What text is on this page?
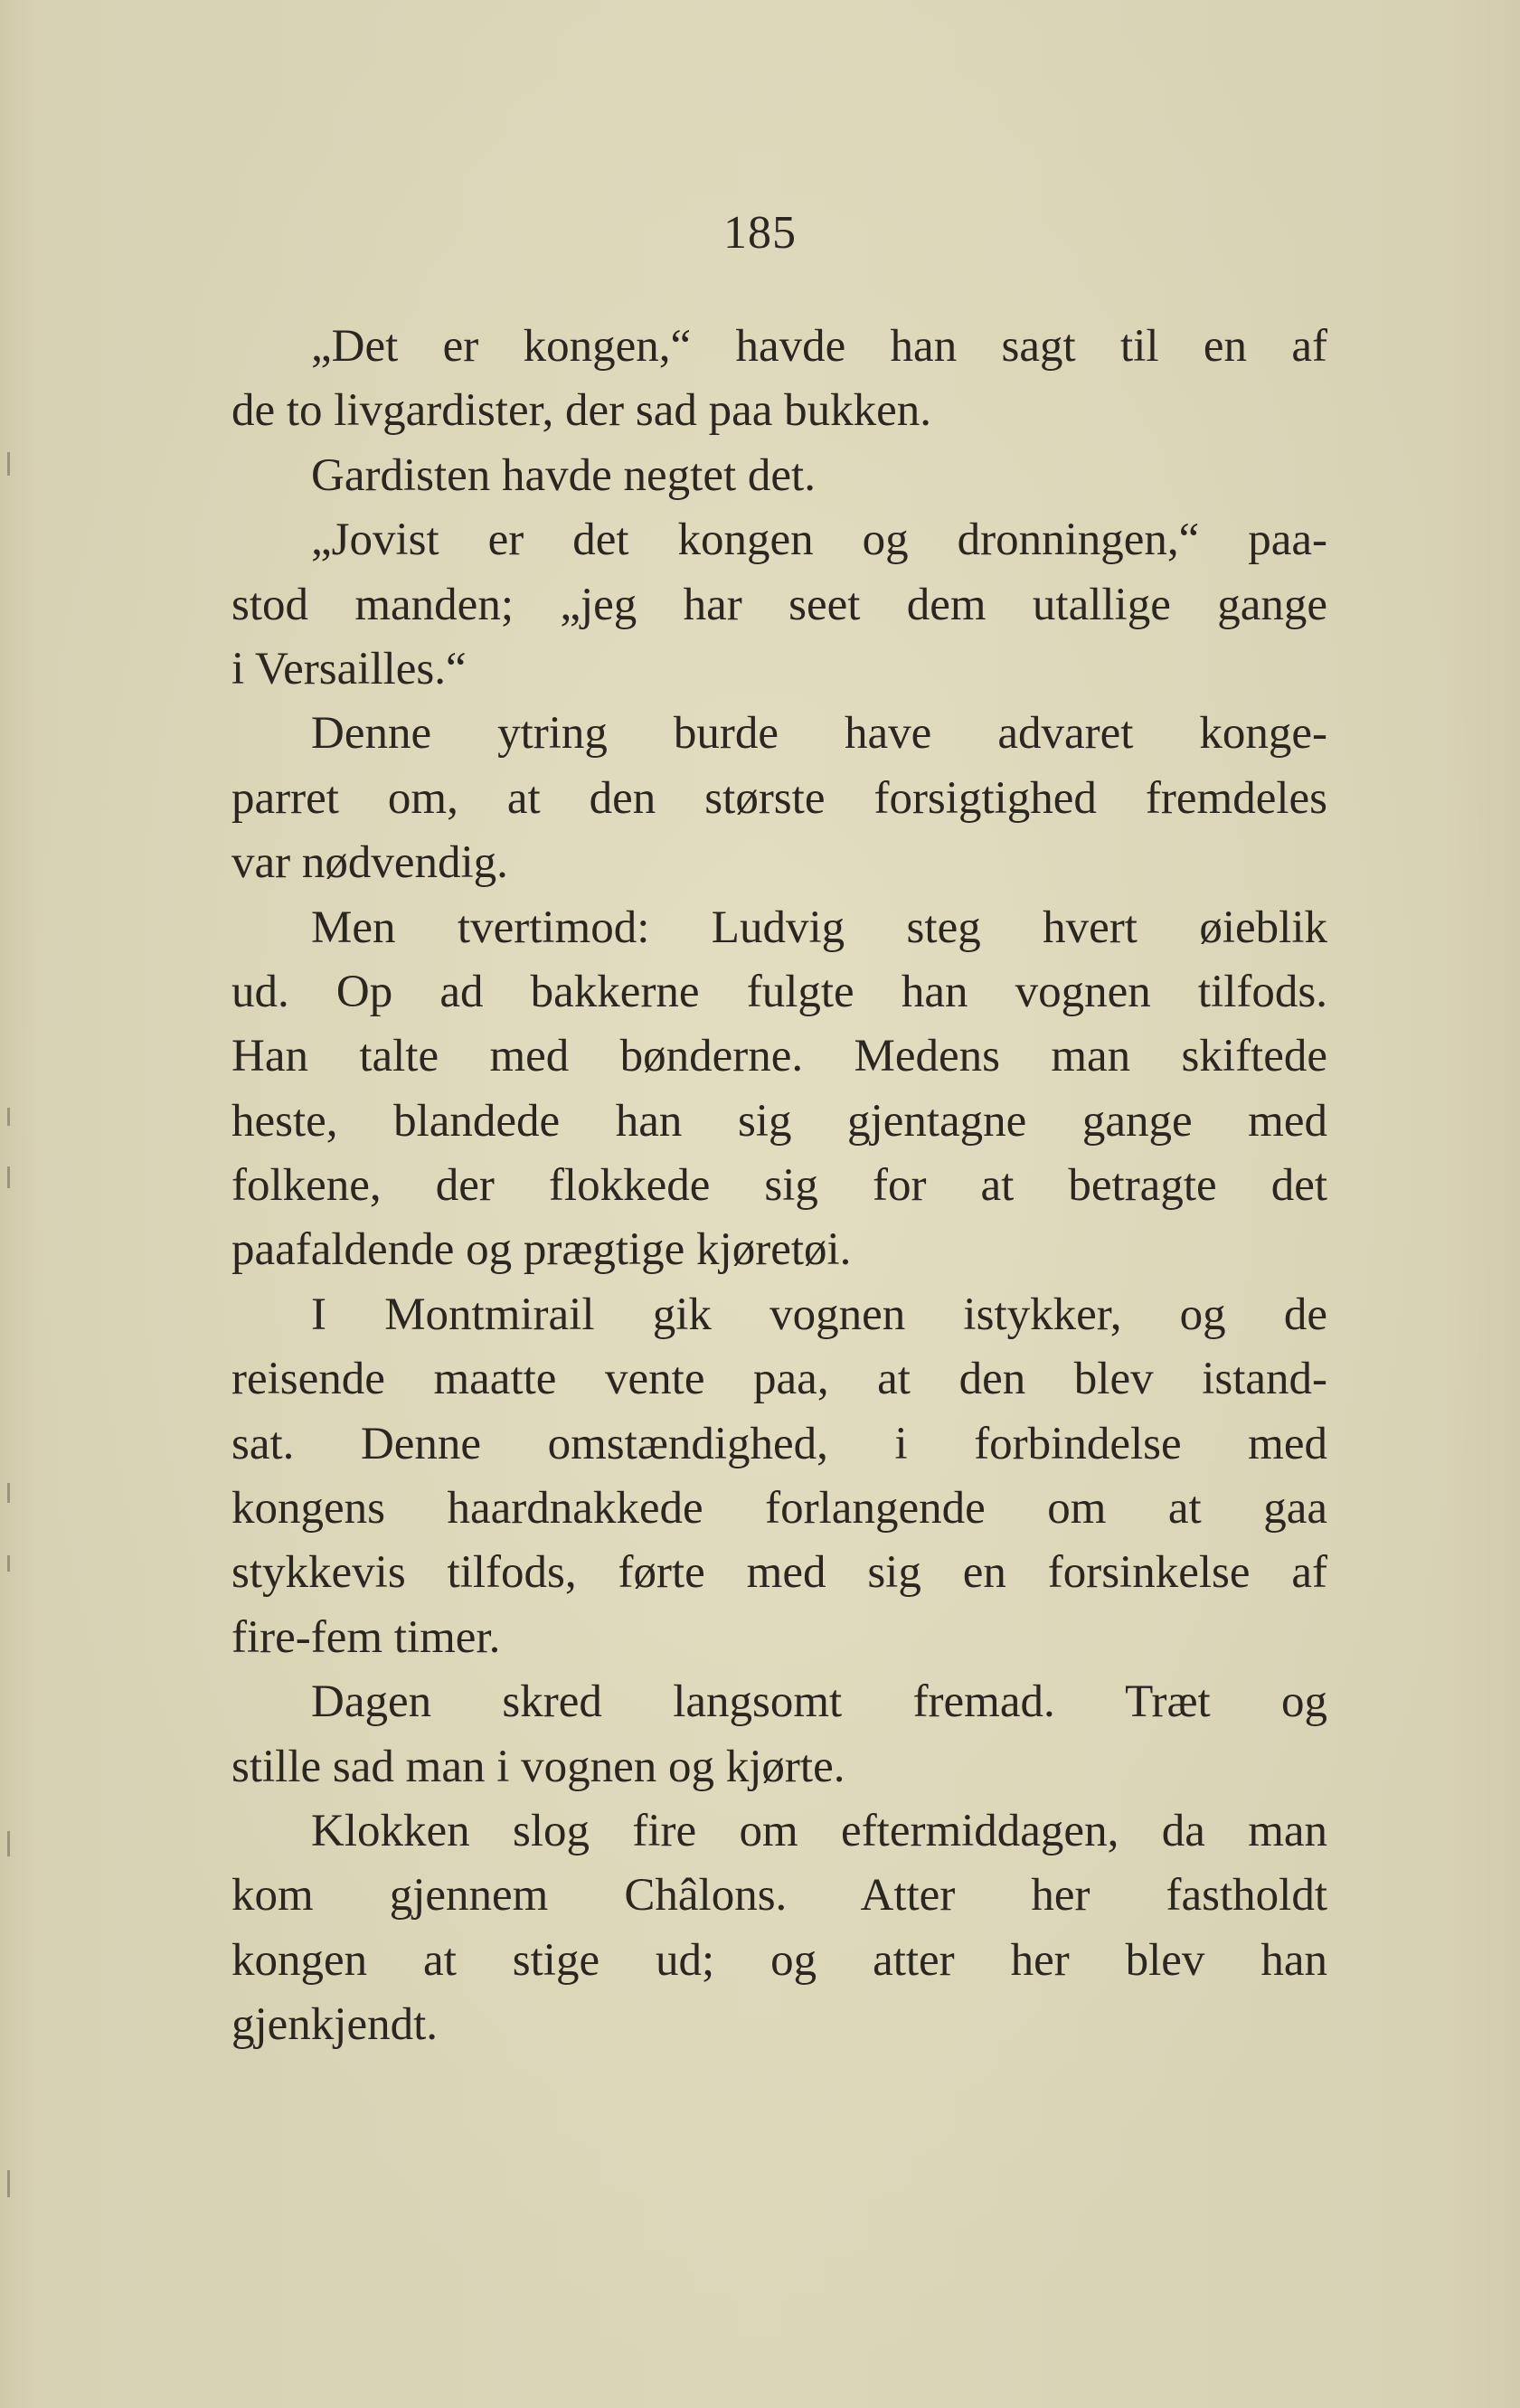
185
„Det er kongen,“ havde han sagt til en af
de to livgardister, der sad paa bukken.
Gardisten havde negtet det.
„Jovist er det kongen og dronningen,“ paa-
stod manden; „jeg har seet dem utallige gange
i Versailles.“
Denne ytring burde have advaret konge-
parret om, at den største forsigtighed fremdeles
var nødvendig.
Men tvertimod: Ludvig steg hvert øieblik
ud. Op ad bakkerne fulgte han vognen tilfods.
Han talte med bønderne. Medens man skiftede
heste, blandede han sig gjentagne gange med
folkene, der flokkede sig for at betragte det
paafaldende og prægtige kjøretøi.
I Montmirail gik vognen istykker, og de
reisende maatte vente paa, at den blev istand-
sat. Denne omstændighed, i forbindelse med
kongens haardnakkede forlangende om at gaa
stykkevis tilfods, førte med sig en forsinkelse af
fire-fem timer.
Dagen skred langsomt fremad. Træt og
stille sad man i vognen og kjørte.
Klokken slog fire om eftermiddagen, da man
kom gjennem Châlons. Atter her fastholdt
kongen at stige ud; og atter her blev han
gjenkjendt.
